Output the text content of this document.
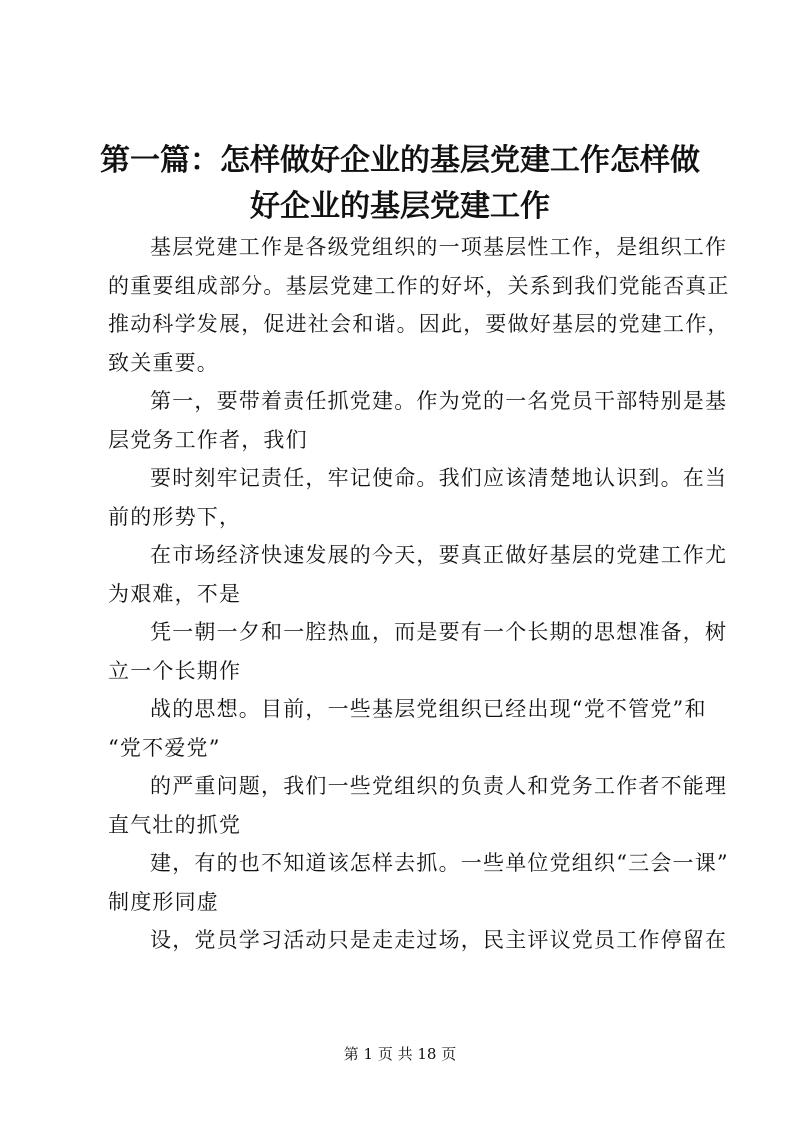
第一篇：怎样做好企业的基层党建工作怎样做
好企业的基层党建工作

基层党建工作是各级党组织的一项基层性工作，是组织工作
的重要组成部分。基层党建工作的好坏，关系到我们党能否真正
推动科学发展，促进社会和谐。因此，要做好基层的党建工作，
致关重要。

第一，要带着责任抓党建。作为党的一名党员干部特别是基
层党务工作者，我们

要时刻牢记责任，牢记使命。我们应该清楚地认识到。在当
前的形势下，

在市场经济快速发展的今天，要真正做好基层的党建工作尤
为艰难，不是

凭一朝一夕和一腔热血，而是要有一个长期的思想准备，树
立一个长期作

战的思想。目前，一些基层党组织已经出现“党不管党”和
“党不爱党”

的严重问题，我们一些党组织的负责人和党务工作者不能理
直气壮的抓党

建，有的也不知道该怎样去抓。一些单位党组织“三会一课”
制度形同虚

设，党员学习活动只是走走过场，民主评议党员工作停留在

第 1 页 共 18 页
